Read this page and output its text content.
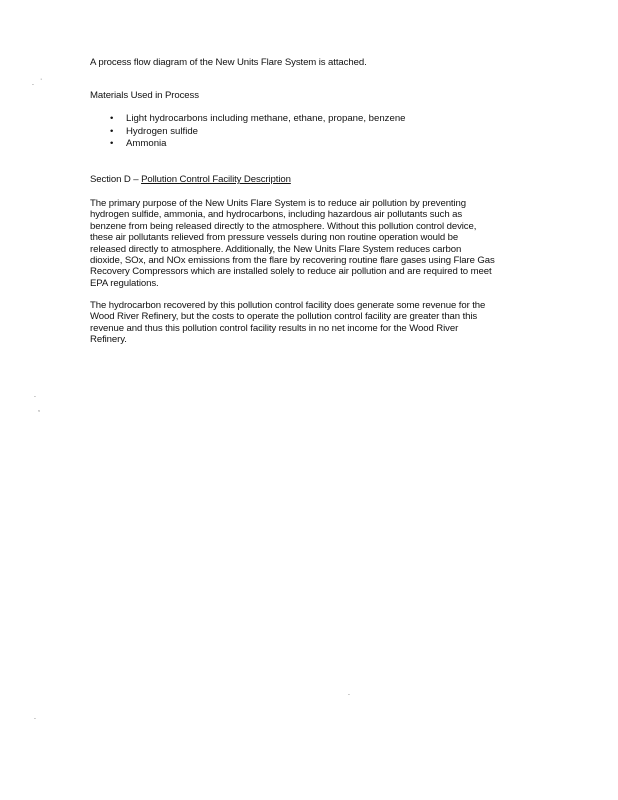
A process flow diagram of the New Units Flare System is attached.
Materials Used in Process
• Light hydrocarbons including methane, ethane, propane, benzene
• Hydrogen sulfide
• Ammonia
Section D – Pollution Control Facility Description
The primary purpose of the New Units Flare System is to reduce air pollution by preventing
hydrogen sulfide, ammonia, and hydrocarbons, including hazardous air pollutants such as
benzene from being released directly to the atmosphere. Without this pollution control device,
these air pollutants relieved from pressure vessels during non routine operation would be
released directly to atmosphere. Additionally, the New Units Flare System reduces carbon
dioxide, SOx, and NOx emissions from the flare by recovering routine flare gases using Flare Gas
Recovery Compressors which are installed solely to reduce air pollution and are required to meet
EPA regulations.
The hydrocarbon recovered by this pollution control facility does generate some revenue for the
Wood River Refinery, but the costs to operate the pollution control facility are greater than this
revenue and thus this pollution control facility results in no net income for the Wood River
Refinery.
.
·
.
,
.
.
